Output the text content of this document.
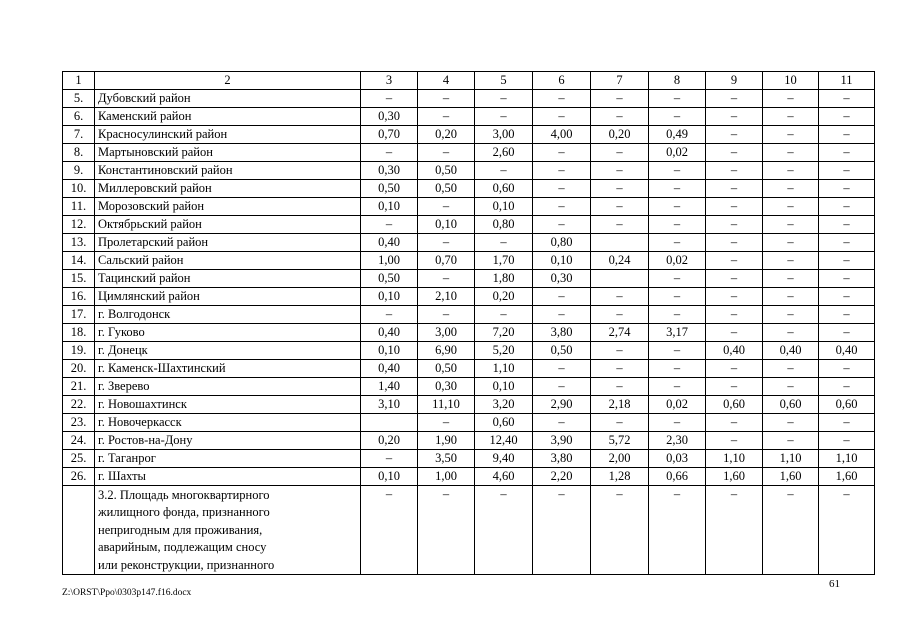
1	2	3	4	5	6	7	8	9	10	11
5.	Дубовский район	–	–	–	–	–	–	–	–	–
6.	Каменский район	0,30	–	–	–	–	–	–	–	–
7.	Красносулинский район	0,70	0,20	3,00	4,00	0,20	0,49	–	–	–
8.	Мартыновский район	–	–	2,60	–	–	0,02	–	–	–
9.	Константиновский район	0,30	0,50	–	–	–	–	–	–	–
10.	Миллеровский район	0,50	0,50	0,60	–	–	–	–	–	–
11.	Морозовский район	0,10	–	0,10	–	–	–	–	–	–
12.	Октябрьский район	–	0,10	0,80	–	–	–	–	–	–
13.	Пролетарский район	0,40	–	–	0,80		–	–	–	–
14.	Сальский район	1,00	0,70	1,70	0,10	0,24	0,02	–	–	–
15.	Тацинский район	0,50	–	1,80	0,30		–	–	–	–
16.	Цимлянский район	0,10	2,10	0,20	–	–	–	–	–	–
17.	г. Волгодонск	–	–	–	–	–	–	–	–	–
18.	г. Гуково	0,40	3,00	7,20	3,80	2,74	3,17	–	–	–
19.	г. Донецк	0,10	6,90	5,20	0,50	–	–	0,40	0,40	0,40
20.	г. Каменск-Шахтинский	0,40	0,50	1,10	–	–	–	–	–	–
21.	г. Зверево	1,40	0,30	0,10	–	–	–	–	–	–
22.	г. Новошахтинск	3,10	11,10	3,20	2,90	2,18	0,02	0,60	0,60	0,60
23.	г. Новочеркасск		–	0,60	–	–	–	–	–	–
24.	г. Ростов-на-Дону	0,20	1,90	12,40	3,90	5,72	2,30	–	–	–
25.	г. Таганрог	–	3,50	9,40	3,80	2,00	0,03	1,10	1,10	1,10
26.	г. Шахты	0,10	1,00	4,60	2,20	1,28	0,66	1,60	1,60	1,60
	3.2. Площадь многоквартирного
жилищного фонда, признанного
непригодным для проживания,
аварийным, подлежащим сносу
или реконструкции, признанного	–	–	–	–	–	–	–	–	–
61
Z:\ORST\Ppo\0303p147.f16.docx
